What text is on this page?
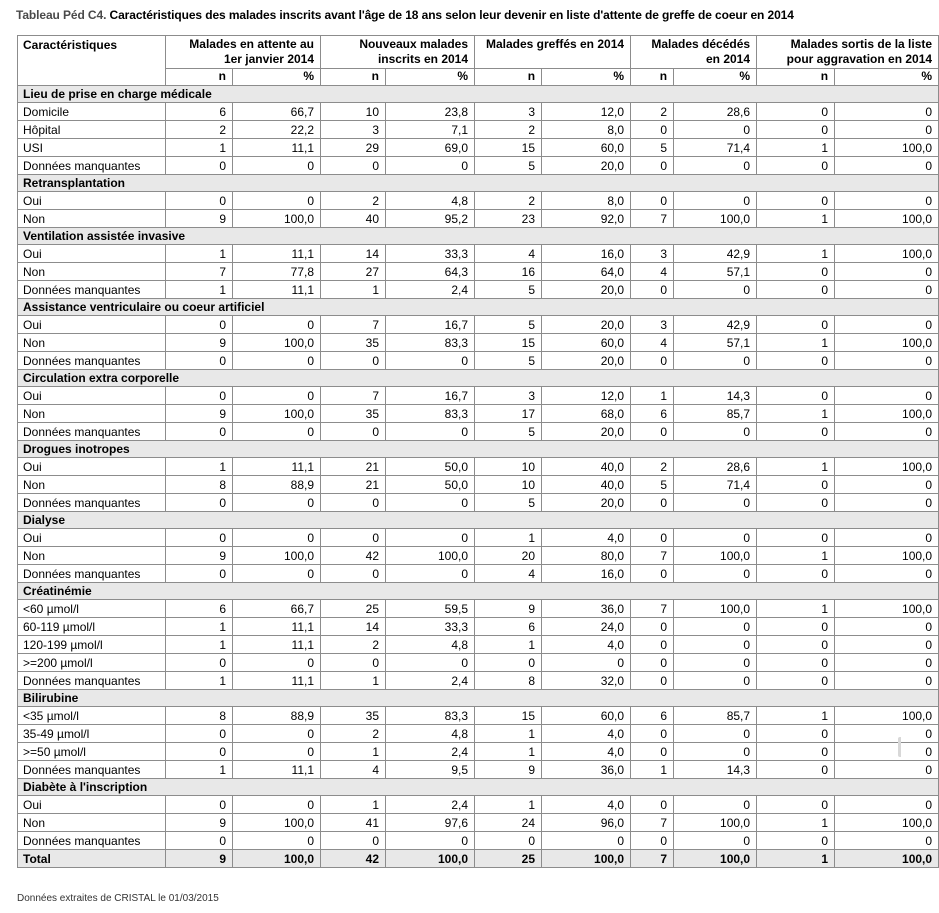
Tableau Péd C4. Caractéristiques des malades inscrits avant l'âge de 18 ans selon leur devenir en liste d'attente de greffe de coeur en 2014
Caractéristiques	Malades en attente au 1er janvier 2014		Nouveaux malades inscrits en 2014		Malades greffés en 2014		Malades décédés en 2014		Malades sortis de la liste pour aggravation en 2014	
	n	%	n	%	n	%	n	%	n	%
Lieu de prise en charge médicale										
Domicile	6	66,7	10	23,8	3	12,0	2	28,6	0	0
Hôpital	2	22,2	3	7,1	2	8,0	0	0	0	0
USI	1	11,1	29	69,0	15	60,0	5	71,4	1	100,0
Données manquantes	0	0	0	0	5	20,0	0	0	0	0
Retransplantation										
Oui	0	0	2	4,8	2	8,0	0	0	0	0
Non	9	100,0	40	95,2	23	92,0	7	100,0	1	100,0
Ventilation assistée invasive										
Oui	1	11,1	14	33,3	4	16,0	3	42,9	1	100,0
Non	7	77,8	27	64,3	16	64,0	4	57,1	0	0
Données manquantes	1	11,1	1	2,4	5	20,0	0	0	0	0
Assistance ventriculaire ou coeur artificiel										
Oui	0	0	7	16,7	5	20,0	3	42,9	0	0
Non	9	100,0	35	83,3	15	60,0	4	57,1	1	100,0
Données manquantes	0	0	0	0	5	20,0	0	0	0	0
Circulation extra corporelle										
Oui	0	0	7	16,7	3	12,0	1	14,3	0	0
Non	9	100,0	35	83,3	17	68,0	6	85,7	1	100,0
Données manquantes	0	0	0	0	5	20,0	0	0	0	0
Drogues inotropes										
Oui	1	11,1	21	50,0	10	40,0	2	28,6	1	100,0
Non	8	88,9	21	50,0	10	40,0	5	71,4	0	0
Données manquantes	0	0	0	0	5	20,0	0	0	0	0
Dialyse										
Oui	0	0	0	0	1	4,0	0	0	0	0
Non	9	100,0	42	100,0	20	80,0	7	100,0	1	100,0
Données manquantes	0	0	0	0	4	16,0	0	0	0	0
Créatinémie										
<60 µmol/l	6	66,7	25	59,5	9	36,0	7	100,0	1	100,0
60-119 µmol/l	1	11,1	14	33,3	6	24,0	0	0	0	0
120-199 µmol/l	1	11,1	2	4,8	1	4,0	0	0	0	0
>=200 µmol/l	0	0	0	0	0	0	0	0	0	0
Données manquantes	1	11,1	1	2,4	8	32,0	0	0	0	0
Bilirubine										
<35 µmol/l	8	88,9	35	83,3	15	60,0	6	85,7	1	100,0
35-49 µmol/l	0	0	2	4,8	1	4,0	0	0	0	0
>=50 µmol/l	0	0	1	2,4	1	4,0	0	0	0	0
Données manquantes	1	11,1	4	9,5	9	36,0	1	14,3	0	0
Diabète à l'inscription										
Oui	0	0	1	2,4	1	4,0	0	0	0	0
Non	9	100,0	41	97,6	24	96,0	7	100,0	1	100,0
Données manquantes	0	0	0	0	0	0	0	0	0	0
Total	9	100,0	42	100,0	25	100,0	7	100,0	1	100,0
Données extraites de CRISTAL le 01/03/2015
